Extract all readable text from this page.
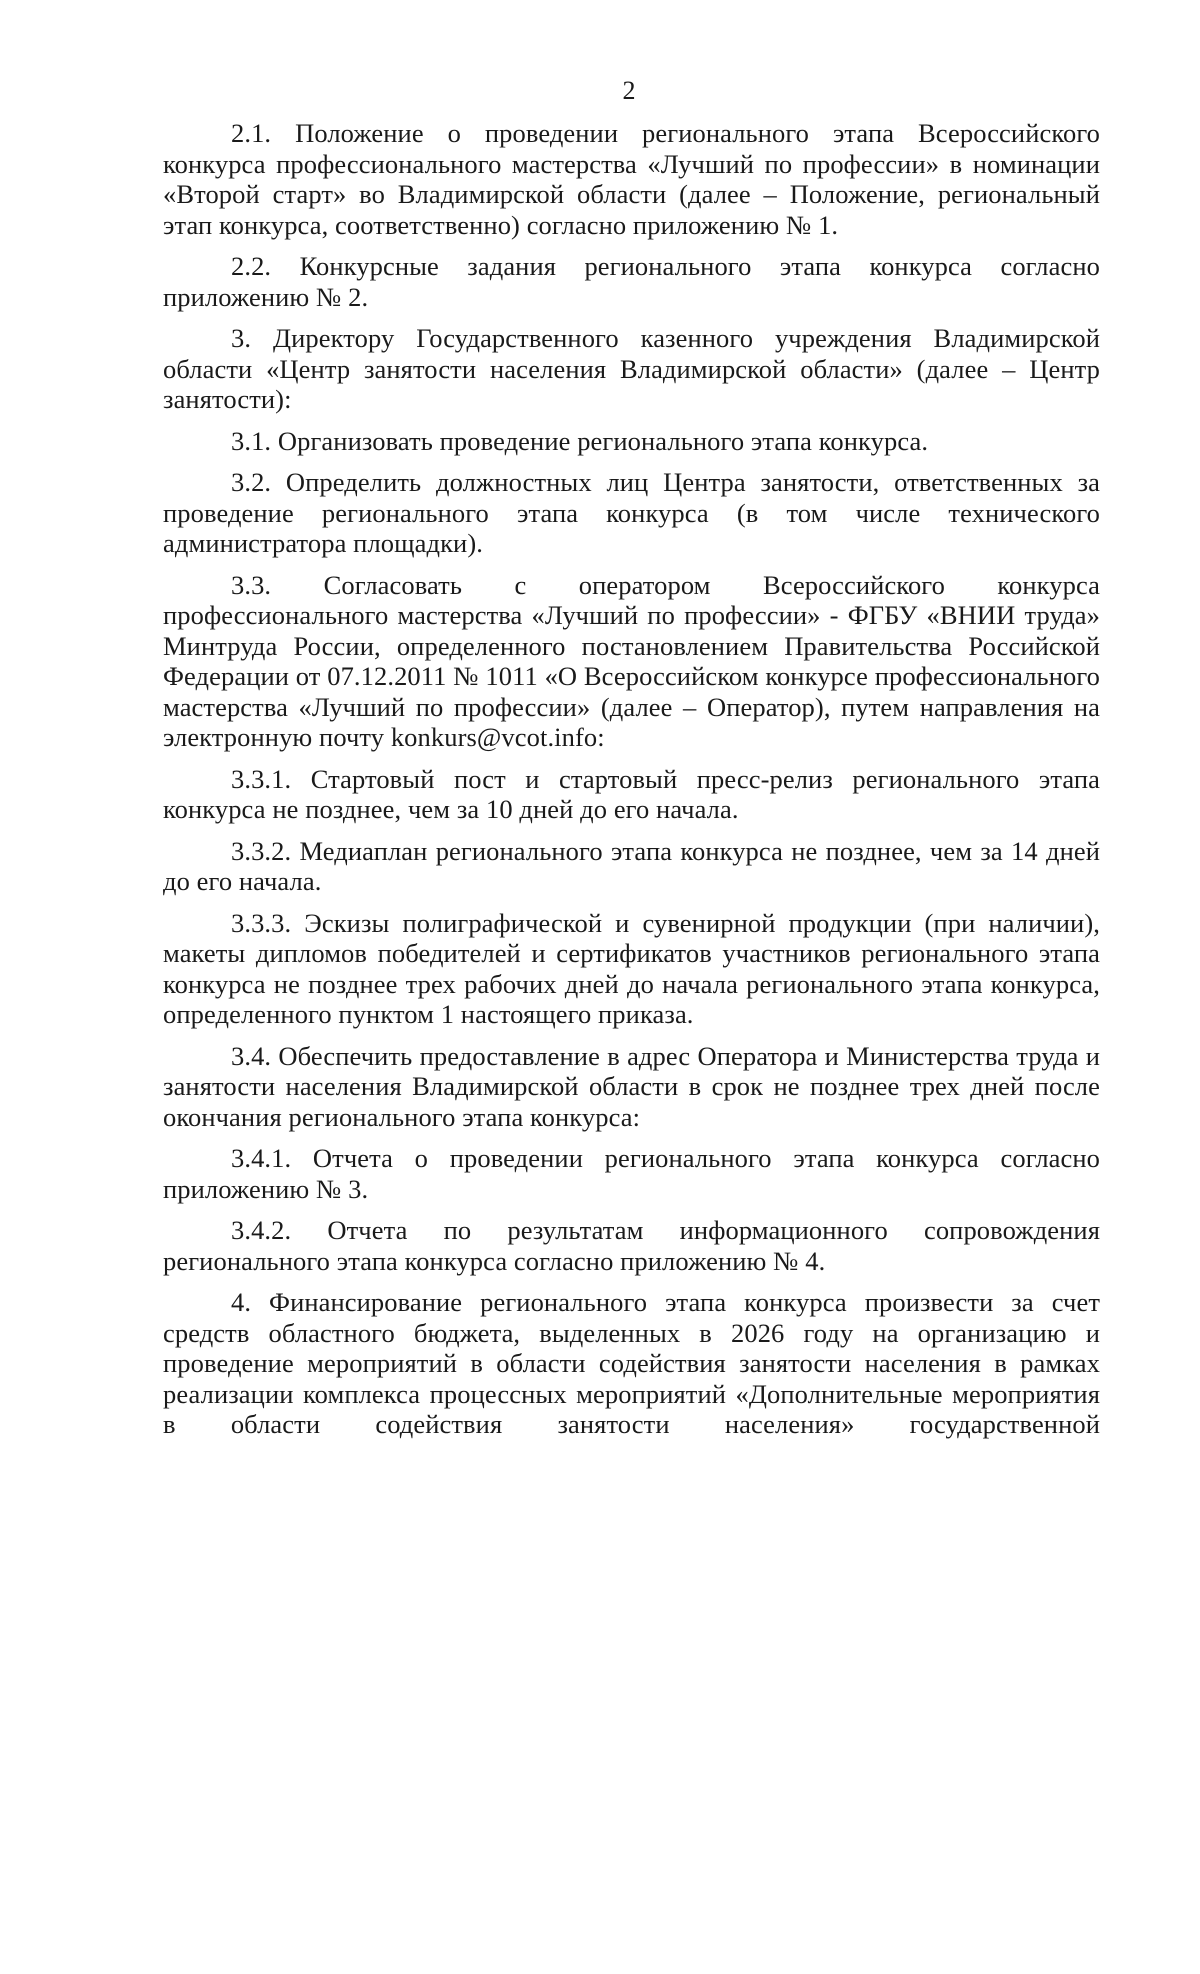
2

2.1. Положение о проведении регионального этапа Всероссийского конкурса профессионального мастерства «Лучший по профессии» в номинации «Второй старт» во Владимирской области (далее – Положение, региональный этап конкурса, соответственно) согласно приложению № 1.

2.2. Конкурсные задания регионального этапа конкурса согласно приложению № 2.

3. Директору Государственного казенного учреждения Владимирской области «Центр занятости населения Владимирской области» (далее – Центр занятости):

3.1. Организовать проведение регионального этапа конкурса.

3.2. Определить должностных лиц Центра занятости, ответственных за проведение регионального этапа конкурса (в том числе технического администратора площадки).

3.3. Согласовать с оператором Всероссийского конкурса профессионального мастерства «Лучший по профессии» - ФГБУ «ВНИИ труда» Минтруда России, определенного постановлением Правительства Российской Федерации от 07.12.2011 № 1011 «О Всероссийском конкурсе профессионального мастерства «Лучший по профессии» (далее – Оператор), путем направления на электронную почту konkurs@vcot.info:

3.3.1. Стартовый пост и стартовый пресс-релиз регионального этапа конкурса не позднее, чем за 10 дней до его начала.

3.3.2. Медиаплан регионального этапа конкурса не позднее, чем за 14 дней до его начала.

3.3.3. Эскизы полиграфической и сувенирной продукции (при наличии), макеты дипломов победителей и сертификатов участников регионального этапа конкурса не позднее трех рабочих дней до начала регионального этапа конкурса, определенного пунктом 1 настоящего приказа.

3.4. Обеспечить предоставление в адрес Оператора и Министерства труда и занятости населения Владимирской области в срок не позднее трех дней после окончания регионального этапа конкурса:

3.4.1. Отчета о проведении регионального этапа конкурса согласно приложению № 3.

3.4.2. Отчета по результатам информационного сопровождения регионального этапа конкурса согласно приложению № 4.

4. Финансирование регионального этапа конкурса произвести за счет средств областного бюджета, выделенных в 2026 году на организацию и проведение мероприятий в области содействия занятости населения в рамках реализации комплекса процессных мероприятий «Дополнительные мероприятия в области содействия занятости населения» государственной
